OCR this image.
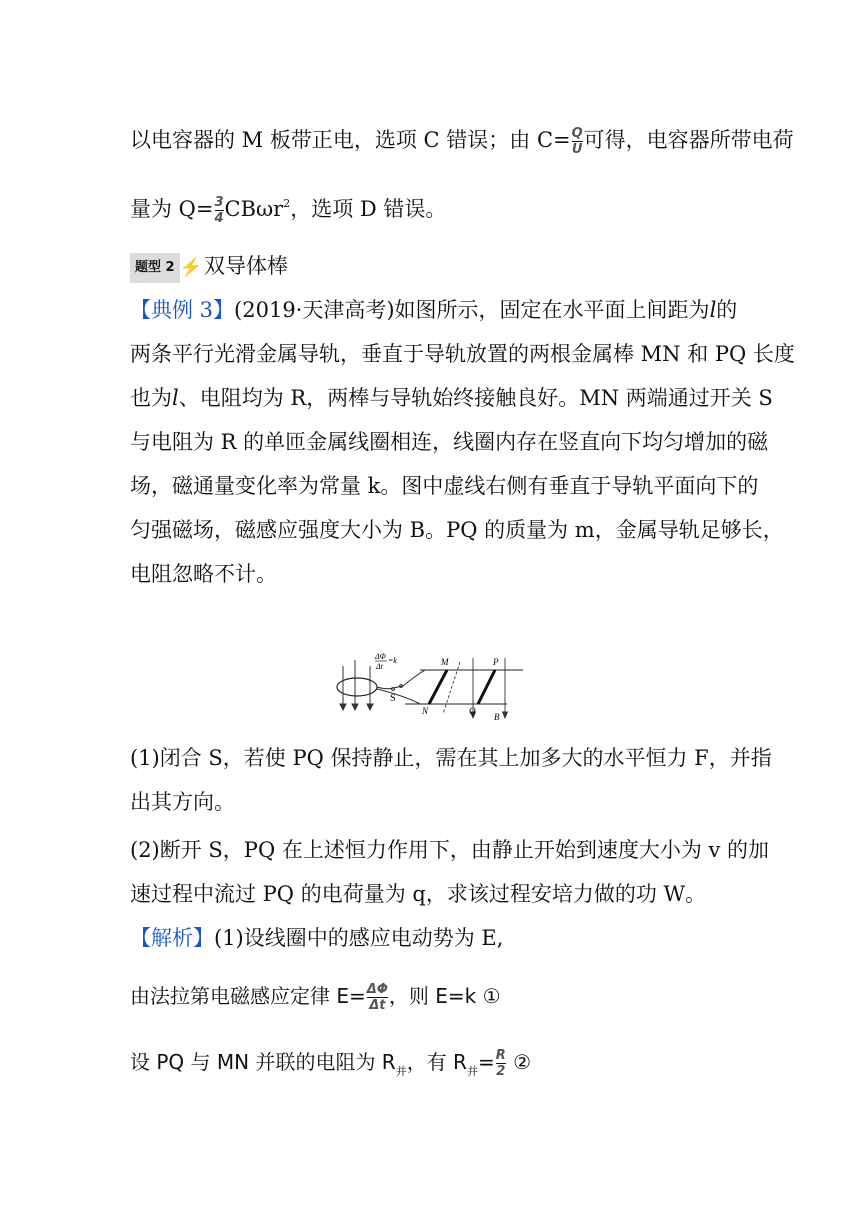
以电容器的 M 板带正电，选项 C 错误；由 $C= \frac{Q}{U}$ 可得，电容器所带电荷
量为 $Q= \frac{3}{4} CB\omega r^2$，选项 D 错误。
题型 2 ⚡双导体棒
【典例 3】(2019·天津高考)如图所示，固定在水平面上间距为l的
两条平行光滑金属导轨，垂直于导轨放置的两根金属棒 MN 和 PQ 长度
也为l、电阻均为 R，两棒与导轨始终接触良好。MN 两端通过开关 S
与电阻为 R 的单匝金属线圈相连，线圈内存在竖直向下均匀增加的磁
场，磁通量变化率为常量 k。图中虚线右侧有垂直于导轨平面向下的
匀强磁场，磁感应强度大小为 B。PQ 的质量为 m，金属导轨足够长，
电阻忽略不计。
ΔΦ
Δt
=k
S
M
N
P
Q
B
(1)闭合 S，若使 PQ 保持静止，需在其上加多大的水平恒力 F，并指
出其方向。
(2)断开 S，PQ 在上述恒力作用下，由静止开始到速度大小为 v 的加
速过程中流过 PQ 的电荷量为 q，求该过程安培力做的功 W。
【解析】(1)设线圈中的感应电动势为 E,
由法拉第电磁感应定律 $E= \frac{\Delta\Phi}{\Delta t}$ ，则 E=k ①
设 PQ 与 MN 并联的电阻为 $R_并$，有 $R_并= \frac{R}{2}$ ②
